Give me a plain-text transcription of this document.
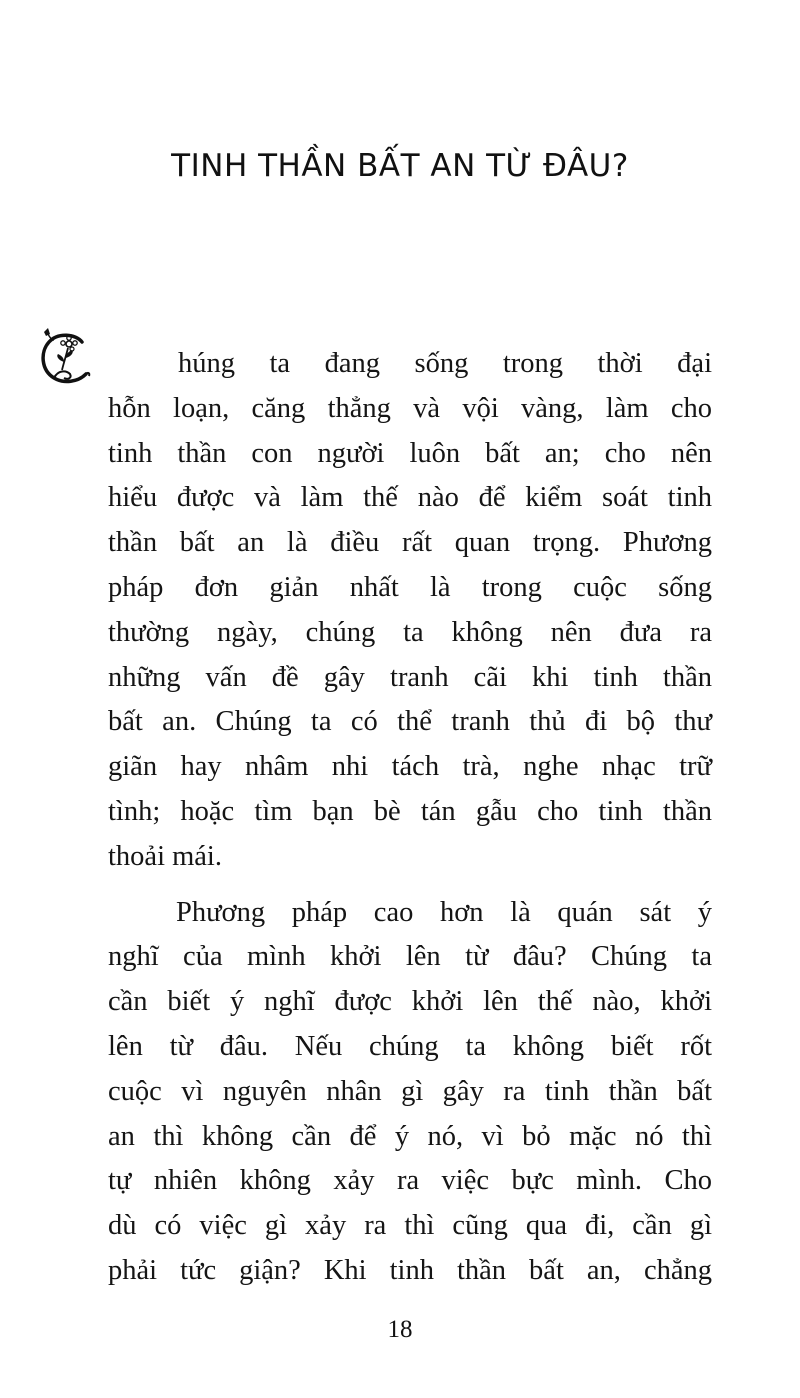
TINH THẦN BẤT AN TỪ ĐÂU?
húng ta đang sống trong thời đại
hỗn loạn, căng thẳng và vội vàng, làm cho
tinh thần con người luôn bất an; cho nên
hiểu được và làm thế nào để kiểm soát tinh
thần bất an là điều rất quan trọng. Phương
pháp đơn giản nhất là trong cuộc sống
thường ngày, chúng ta không nên đưa ra
những vấn đề gây tranh cãi khi tinh thần
bất an. Chúng ta có thể tranh thủ đi bộ thư
giãn hay nhâm nhi tách trà, nghe nhạc trữ
tình; hoặc tìm bạn bè tán gẫu cho tinh thần
thoải mái.
Phương pháp cao hơn là quán sát ý
nghĩ của mình khởi lên từ đâu? Chúng ta
cần biết ý nghĩ được khởi lên thế nào, khởi
lên từ đâu. Nếu chúng ta không biết rốt
cuộc vì nguyên nhân gì gây ra tinh thần bất
an thì không cần để ý nó, vì bỏ mặc nó thì
tự nhiên không xảy ra việc bực mình. Cho
dù có việc gì xảy ra thì cũng qua đi, cần gì
phải tức giận? Khi tinh thần bất an, chẳng

18
